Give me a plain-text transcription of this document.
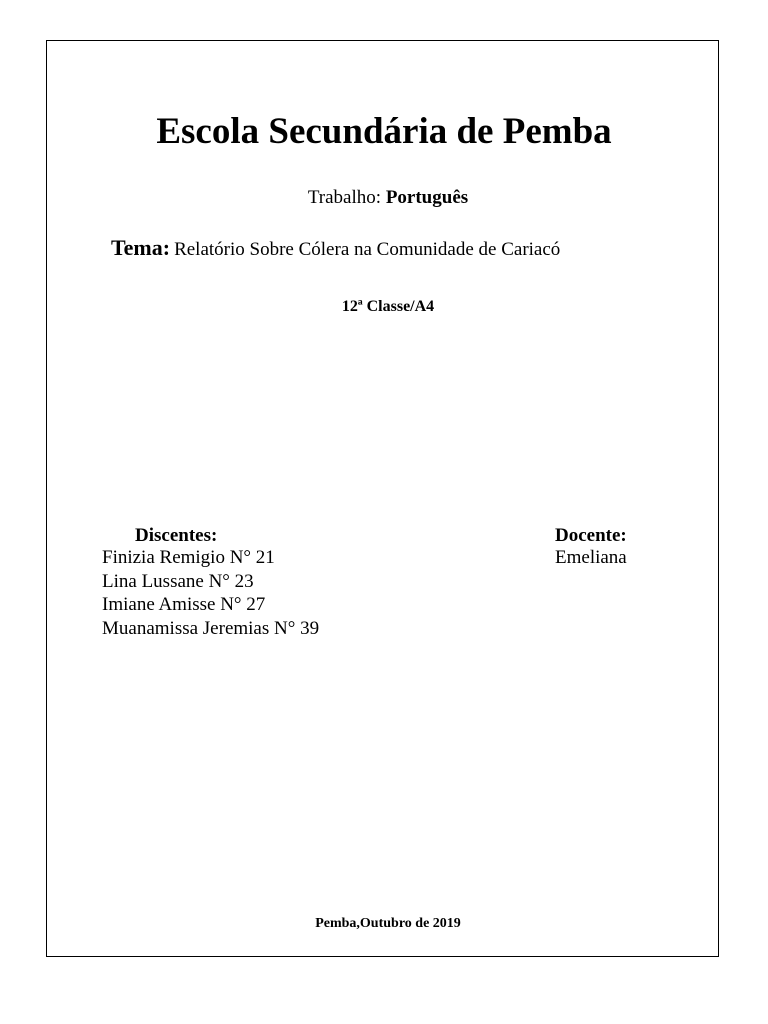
Escola Secundária de Pemba
Trabalho: Português
Tema: Relatório Sobre Cólera na Comunidade de Cariacó
12ª Classe/A4
Discentes:
Finizia Remigio N° 21
Lina Lussane N° 23
Imiane Amisse N° 27
Muanamissa Jeremias N° 39
Docente:
Emeliana
Pemba,Outubro de 2019
